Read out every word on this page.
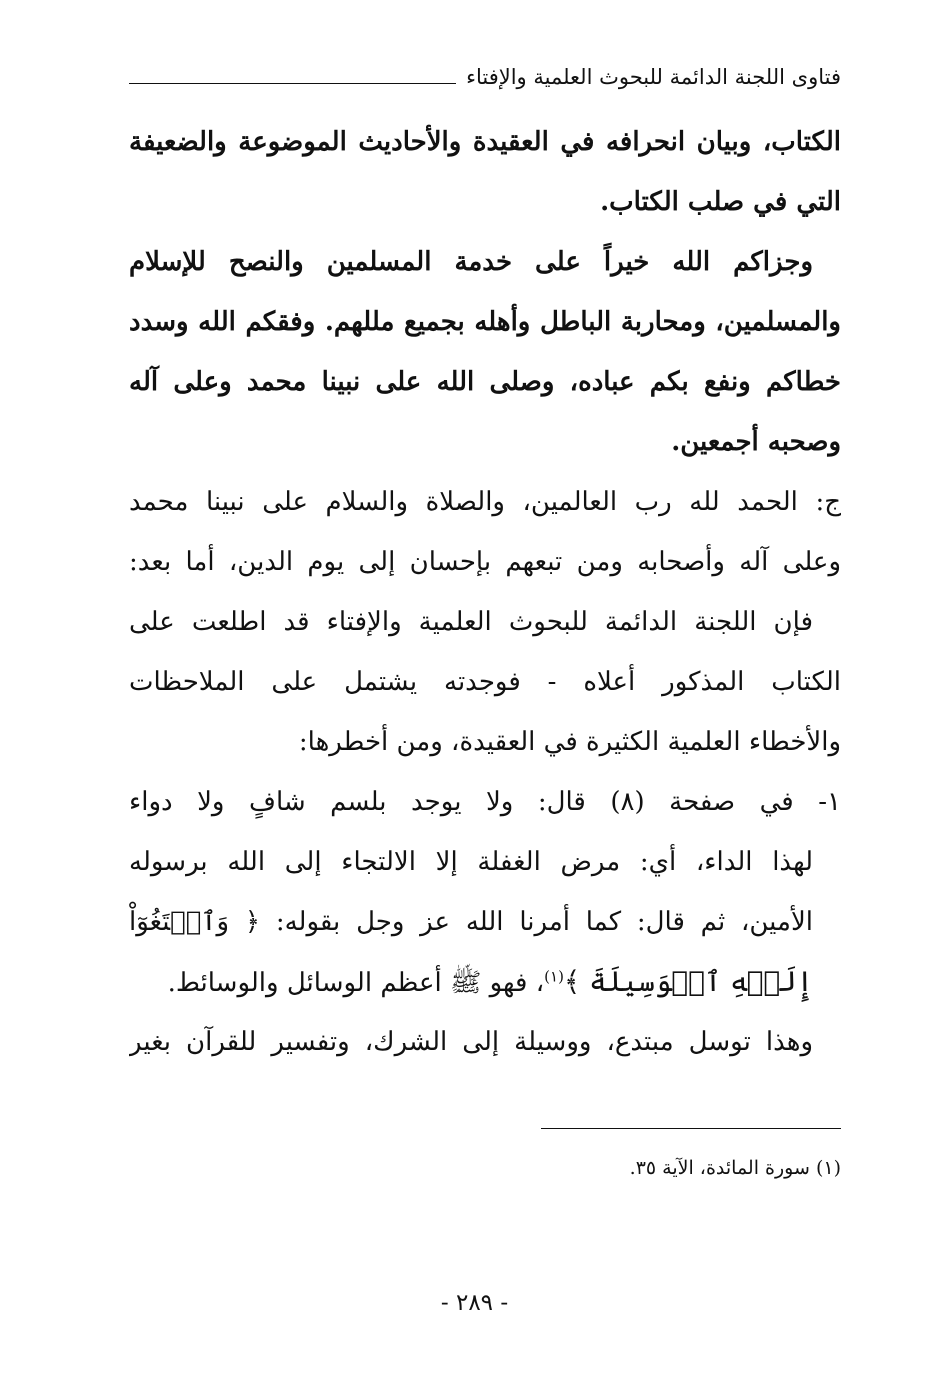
فتاوى اللجنة الدائمة للبحوث العلمية والإفتاء
الكتاب، وبيان انحرافه في العقيدة والأحاديث الموضوعة والضعيفة
التي في صلب الكتاب.
وجزاكم الله خيراً على خدمة المسلمين والنصح للإسلام
والمسلمين، ومحاربة الباطل وأهله بجميع مللهم. وفقكم الله وسدد
خطاكم ونفع بكم عباده، وصلى الله على نبينا محمد وعلى آله
وصحبه أجمعين.
ج: الحمد لله رب العالمين، والصلاة والسلام على نبينا محمد
وعلى آله وأصحابه ومن تبعهم بإحسان إلى يوم الدين، أما بعد:
فإن اللجنة الدائمة للبحوث العلمية والإفتاء قد اطلعت على
الكتاب المذكور أعلاه - فوجدته يشتمل على الملاحظات
والأخطاء العلمية الكثيرة في العقيدة، ومن أخطرها:
١- في صفحة (٨) قال: ولا يوجد بلسم شافٍ ولا دواء
لهذا الداء، أي: مرض الغفلة إلا الالتجاء إلى الله برسوله
الأمين، ثم قال: كما أمرنا الله عز وجل بقوله: ﴿ وَٱبۡتَغُوٓاْ
إِلَيۡهِ ٱلۡوَسِيلَةَ ﴾$^{(١)}$، فهو ﷺ أعظم الوسائل والوسائط.
وهذا توسل مبتدع، ووسيلة إلى الشرك، وتفسير للقرآن بغير
(١) سورة المائدة، الآية ٣٥.
- ٢٨٩ -
